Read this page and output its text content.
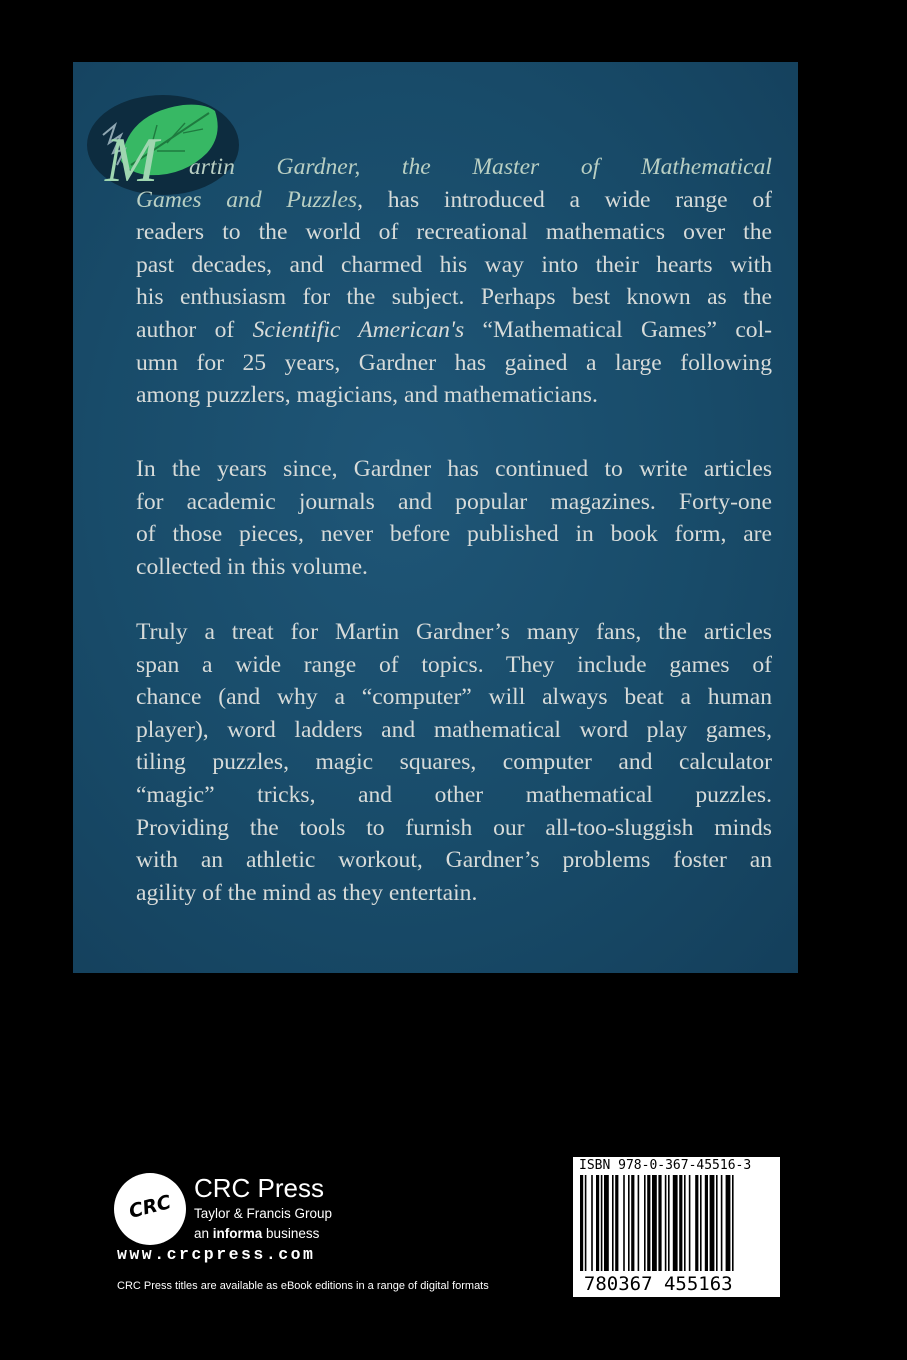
M artin Gardner, the Master of Mathematical
Games and Puzzles, has introduced a wide range of
readers to the world of recreational mathematics over the
past decades, and charmed his way into their hearts with
his enthusiasm for the subject. Perhaps best known as the
author of Scientific American's “Mathematical Games” col-
umn for 25 years, Gardner has gained a large following
among puzzlers, magicians, and mathematicians.
In the years since, Gardner has continued to write articles
for academic journals and popular magazines. Forty-one
of those pieces, never before published in book form, are
collected in this volume.
Truly a treat for Martin Gardner’s many fans, the articles
span a wide range of topics. They include games of
chance (and why a “computer” will always beat a human
player), word ladders and mathematical word play games,
tiling puzzles, magic squares, computer and calculator
“magic” tricks, and other mathematical puzzles.
Providing the tools to furnish our all-too-sluggish minds
with an athletic workout, Gardner’s problems foster an
agility of the mind as they entertain.
CRC
CRC Press
Taylor & Francis Group
an informa business
www.crcpress.com
CRC Press titles are available as eBook editions in a range of digital formats
ISBN 978-0-367-45516-3
9 780367 455163
